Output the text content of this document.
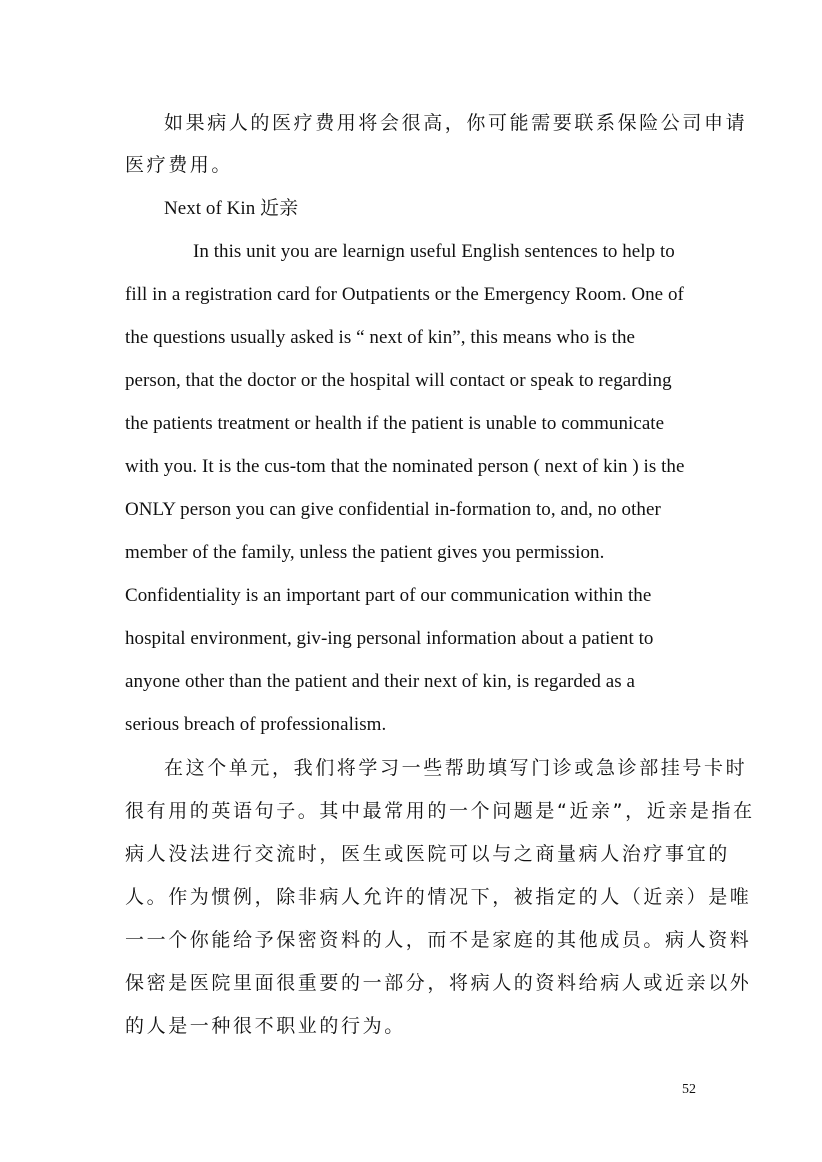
如果病人的医疗费用将会很高，你可能需要联系保险公司申请

医疗费用。

Next of Kin 近亲

In this unit you are learnign useful English sentences to help to

fill in a registration card for Outpatients or the Emergency Room. One of

the questions usually asked is “ next of kin”, this means who is the

person, that the doctor or the hospital will contact or speak to regarding

the patients treatment or health if the patient is unable to communicate

with you. It is the cus-tom that the nominated person ( next of kin ) is the

ONLY person you can give confidential in-formation to, and, no other

member of the family, unless the patient gives you permission.

Confidentiality is an important part of our communication within the

hospital environment, giv-ing personal information about a patient to

anyone other than the patient and their next of kin, is regarded as a

serious breach of professionalism.

在这个单元，我们将学习一些帮助填写门诊或急诊部挂号卡时

很有用的英语句子。其中最常用的一个问题是“近亲”，近亲是指在

病人没法进行交流时，医生或医院可以与之商量病人治疗事宜的

人。作为惯例，除非病人允许的情况下，被指定的人（近亲）是唯

一一个你能给予保密资料的人，而不是家庭的其他成员。病人资料

保密是医院里面很重要的一部分，将病人的资料给病人或近亲以外

的人是一种很不职业的行为。

52
